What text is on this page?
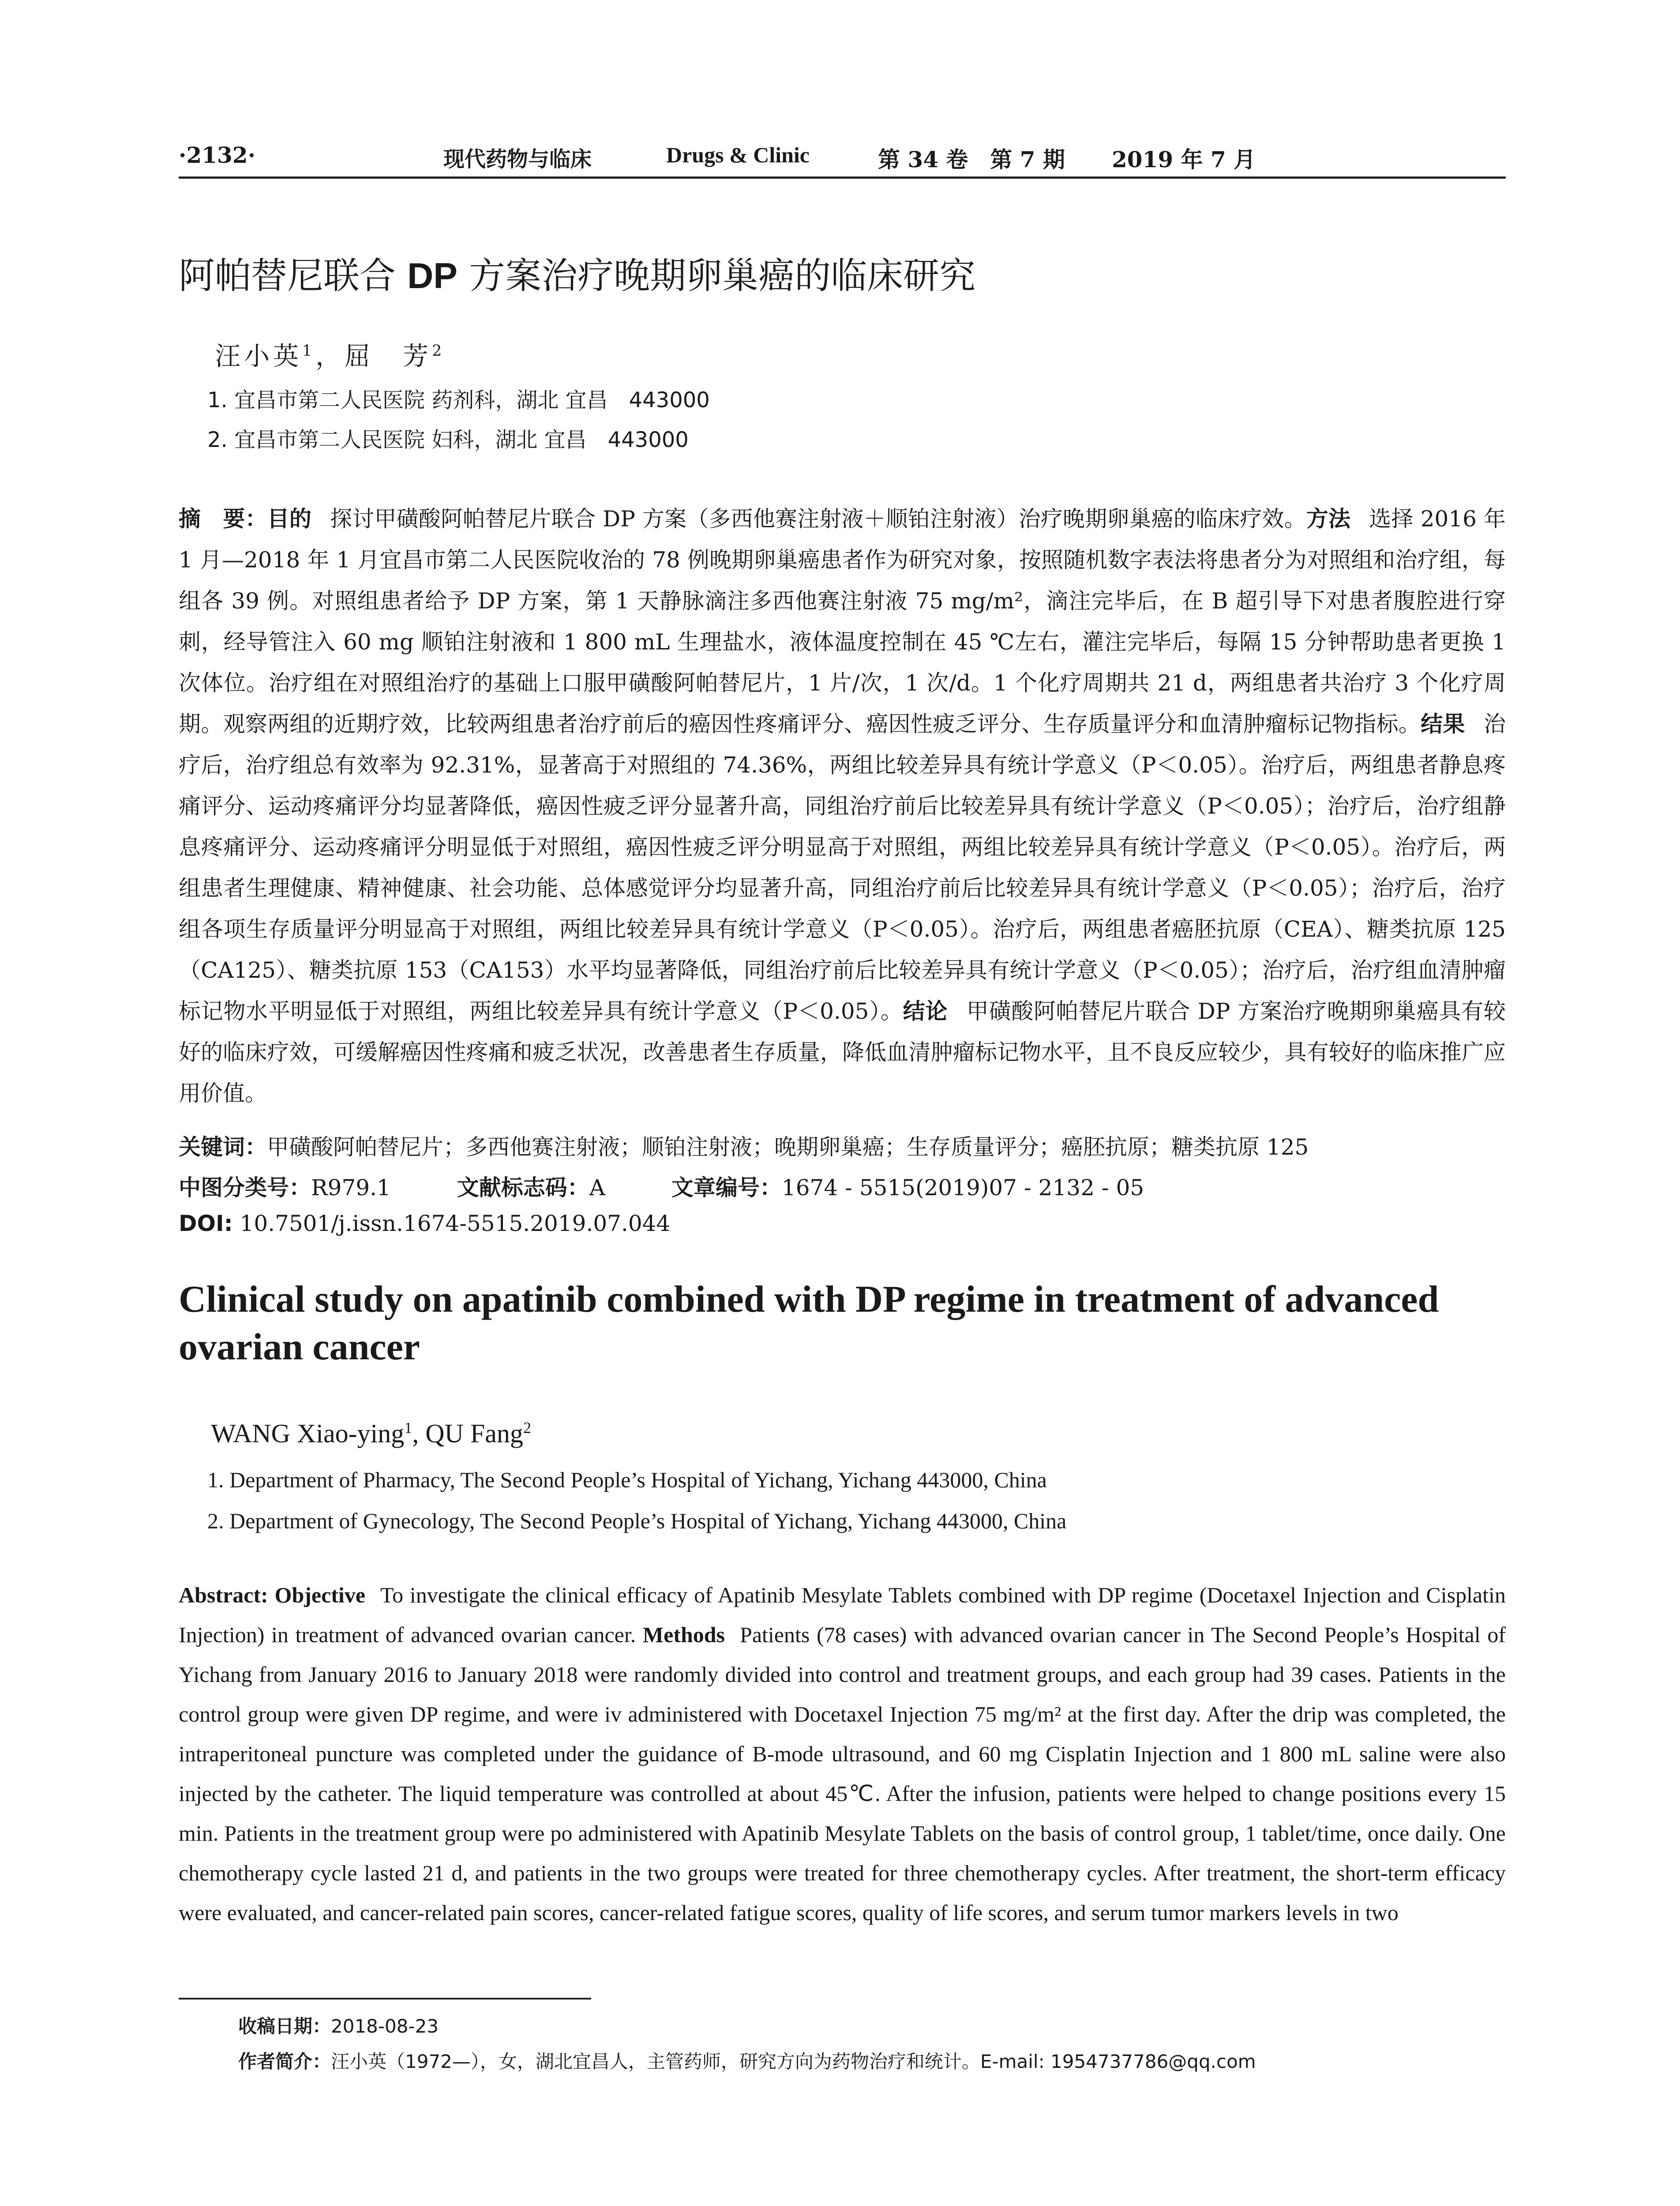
·2132·	现代药物与临床	Drugs & Clinic	第 34 卷　第 7 期 2019 年 7 月
阿帕替尼联合 DP 方案治疗晚期卵巢癌的临床研究
汪小英$^1$，屈　芳$^2$
1. 宜昌市第二人民医院 药剂科，湖北 宜昌　443000
2. 宜昌市第二人民医院 妇科，湖北 宜昌　443000
摘　要：目的 探讨甲磺酸阿帕替尼片联合 DP 方案（多西他赛注射液＋顺铂注射液）治疗晚期卵巢癌的临床疗效。方法 选择 2016 年 1 月—2018 年 1 月宜昌市第二人民医院收治的 78 例晚期卵巢癌患者作为研究对象，按照随机数字表法将患者分为对照组和治疗组，每组各 39 例。对照组患者给予 DP 方案，第 1 天静脉滴注多西他赛注射液 75 mg/m²，滴注完毕后，在 B 超引导下对患者腹腔进行穿刺，经导管注入 60 mg 顺铂注射液和 1 800 mL 生理盐水，液体温度控制在 45 ℃左右，灌注完毕后，每隔 15 分钟帮助患者更换 1 次体位。治疗组在对照组治疗的基础上口服甲磺酸阿帕替尼片，1 片/次，1 次/d。1 个化疗周期共 21 d，两组患者共治疗 3 个化疗周期。观察两组的近期疗效，比较两组患者治疗前后的癌因性疼痛评分、癌因性疲乏评分、生存质量评分和血清肿瘤标记物指标。结果 治疗后，治疗组总有效率为 92.31%，显著高于对照组的 74.36%，两组比较差异具有统计学意义（P＜0.05）。治疗后，两组患者静息疼痛评分、运动疼痛评分均显著降低，癌因性疲乏评分显著升高，同组治疗前后比较差异具有统计学意义（P＜0.05）；治疗后，治疗组静息疼痛评分、运动疼痛评分明显低于对照组，癌因性疲乏评分明显高于对照组，两组比较差异具有统计学意义（P＜0.05）。治疗后，两组患者生理健康、精神健康、社会功能、总体感觉评分均显著升高，同组治疗前后比较差异具有统计学意义（P＜0.05）；治疗后，治疗组各项生存质量评分明显高于对照组，两组比较差异具有统计学意义（P＜0.05）。治疗后，两组患者癌胚抗原（CEA）、糖类抗原 125（CA125）、糖类抗原 153（CA153）水平均显著降低，同组治疗前后比较差异具有统计学意义（P＜0.05）；治疗后，治疗组血清肿瘤标记物水平明显低于对照组，两组比较差异具有统计学意义（P＜0.05）。结论 甲磺酸阿帕替尼片联合 DP 方案治疗晚期卵巢癌具有较好的临床疗效，可缓解癌因性疼痛和疲乏状况，改善患者生存质量，降低血清肿瘤标记物水平，且不良反应较少，具有较好的临床推广应用价值。
关键词：甲磺酸阿帕替尼片；多西他赛注射液；顺铂注射液；晚期卵巢癌；生存质量评分；癌胚抗原；糖类抗原 125
中图分类号：R979.1	文献标志码：A	文章编号：1674 - 5515(2019)07 - 2132 - 05
DOI: 10.7501/j.issn.1674-5515.2019.07.044
Clinical study on apatinib combined with DP regime in treatment of advanced ovarian cancer
WANG Xiao-ying$^1$, QU Fang$^2$
1. Department of Pharmacy, The Second People’s Hospital of Yichang, Yichang 443000, China
2. Department of Gynecology, The Second People’s Hospital of Yichang, Yichang 443000, China
Abstract: Objective To investigate the clinical efficacy of Apatinib Mesylate Tablets combined with DP regime (Docetaxel Injection and Cisplatin Injection) in treatment of advanced ovarian cancer. Methods Patients (78 cases) with advanced ovarian cancer in The Second People’s Hospital of Yichang from January 2016 to January 2018 were randomly divided into control and treatment groups, and each group had 39 cases. Patients in the control group were given DP regime, and were iv administered with Docetaxel Injection 75 mg/m² at the first day. After the drip was completed, the intraperitoneal puncture was completed under the guidance of B-mode ultrasound, and 60 mg Cisplatin Injection and 1 800 mL saline were also injected by the catheter. The liquid temperature was controlled at about 45℃. After the infusion, patients were helped to change positions every 15 min. Patients in the treatment group were po administered with Apatinib Mesylate Tablets on the basis of control group, 1 tablet/time, once daily. One chemotherapy cycle lasted 21 d, and patients in the two groups were treated for three chemotherapy cycles. After treatment, the short-term efficacy were evaluated, and cancer-related pain scores, cancer-related fatigue scores, quality of life scores, and serum tumor markers levels in two
收稿日期：2018-08-23
作者简介：汪小英（1972—），女，湖北宜昌人，主管药师，研究方向为药物治疗和统计。E-mail: 1954737786@qq.com
